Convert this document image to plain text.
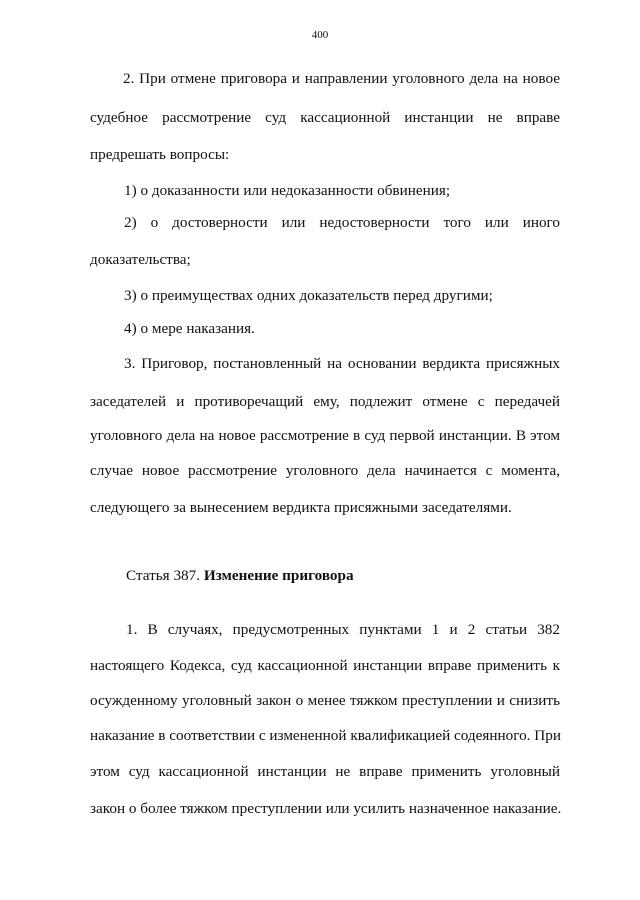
400
2. При отмене приговора и направлении уголовного дела на новое
судебное рассмотрение суд кассационной инстанции не вправе
предрешать вопросы:
1) о доказанности или недоказанности обвинения;
2) о достоверности или недостоверности того или иного
доказательства;
3) о преимуществах одних доказательств перед другими;
4) о мере наказания.
3. Приговор, постановленный на основании вердикта присяжных
заседателей и противоречащий ему, подлежит отмене с передачей
уголовного дела на новое рассмотрение в суд первой инстанции. В этом
случае новое рассмотрение уголовного дела начинается с момента,
следующего за вынесением вердикта присяжными заседателями.
Статья 387. Изменение приговора
1. В случаях, предусмотренных пунктами 1 и 2 статьи 382
настоящего Кодекса, суд кассационной инстанции вправе применить к
осужденному уголовный закон о менее тяжком преступлении и снизить
наказание в соответствии с измененной квалификацией содеянного. При
этом суд кассационной инстанции не вправе применить уголовный
закон о более тяжком преступлении или усилить назначенное наказание.
